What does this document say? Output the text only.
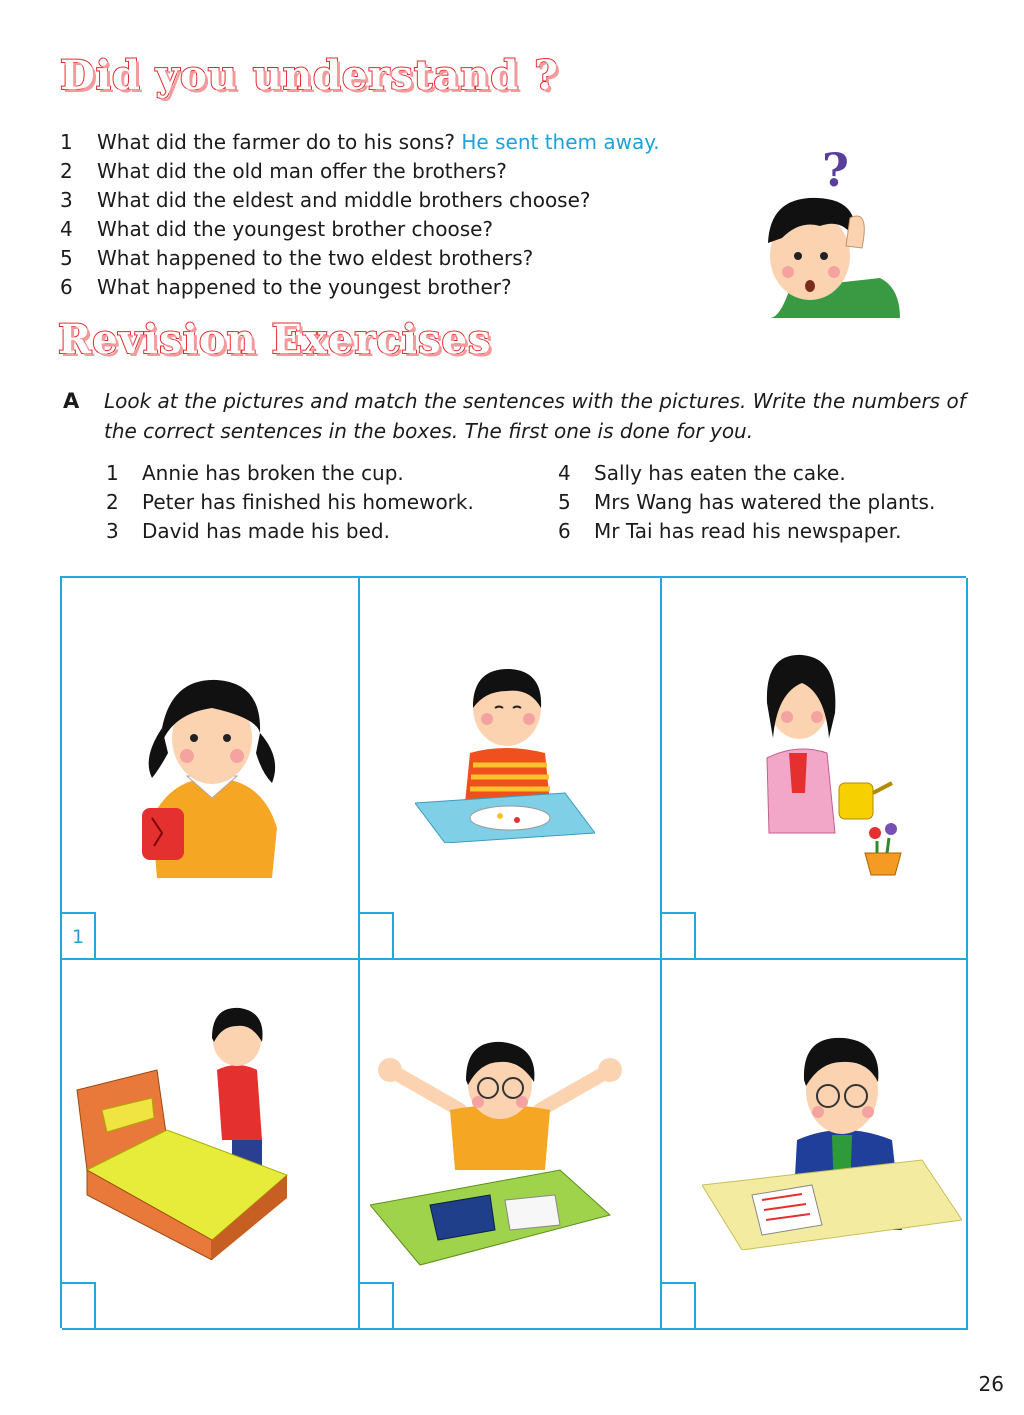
Did you understand ?
1 What did the farmer do to his sons? He sent them away.
2 What did the old man offer the brothers?
3 What did the eldest and middle brothers choose?
4 What did the youngest brother choose?
5 What happened to the two eldest brothers?
6 What happened to the youngest brother?
?
Revision Exercises
A Look at the pictures and match the sentences with the pictures. Write the numbers of the correct sentences in the boxes. The first one is done for you.
1 Annie has broken the cup.
2 Peter has finished his homework.
3 David has made his bed.
4 Sally has eaten the cake.
5 Mrs Wang has watered the plants.
6 Mr Tai has read his newspaper.
1
26
